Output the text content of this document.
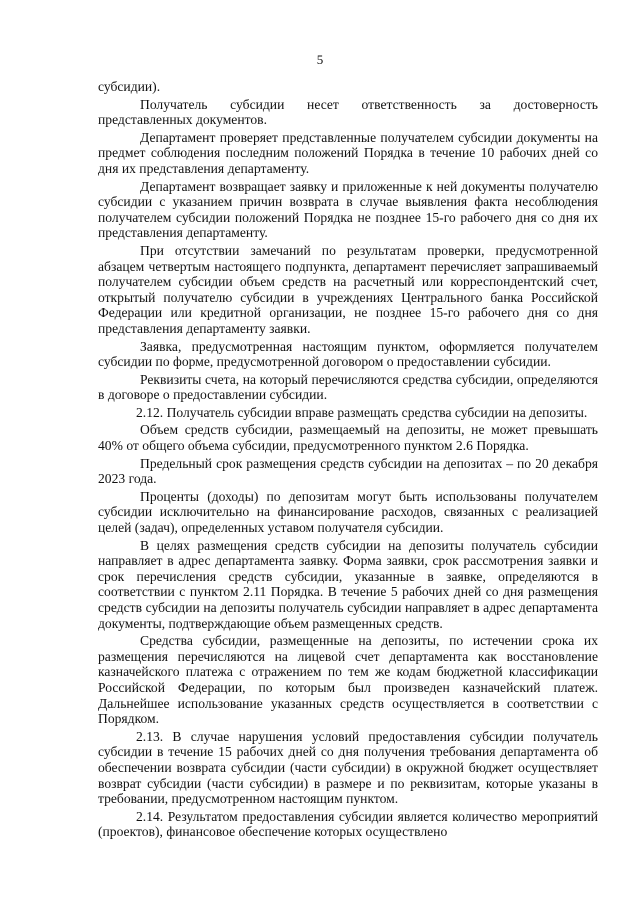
5

субсидии).

Получатель субсидии несет ответственность за достоверность представленных документов.

Департамент проверяет представленные получателем субсидии документы на предмет соблюдения последним положений Порядка в течение 10 рабочих дней со дня их представления департаменту.

Департамент возвращает заявку и приложенные к ней документы получателю субсидии с указанием причин возврата в случае выявления факта несоблюдения получателем субсидии положений Порядка не позднее 15-го рабочего дня со дня их представления департаменту.

При отсутствии замечаний по результатам проверки, предусмотренной абзацем четвертым настоящего подпункта, департамент перечисляет запрашиваемый получателем субсидии объем средств на расчетный или корреспондентский счет, открытый получателю субсидии в учреждениях Центрального банка Российской Федерации или кредитной организации, не позднее 15-го рабочего дня со дня представления департаменту заявки.

Заявка, предусмотренная настоящим пунктом, оформляется получателем субсидии по форме, предусмотренной договором о предоставлении субсидии.

Реквизиты счета, на который перечисляются средства субсидии, определяются в договоре о предоставлении субсидии.

2.12. Получатель субсидии вправе размещать средства субсидии на депозиты.

Объем средств субсидии, размещаемый на депозиты, не может превышать 40% от общего объема субсидии, предусмотренного пунктом 2.6 Порядка.

Предельный срок размещения средств субсидии на депозитах – по 20 декабря 2023 года.

Проценты (доходы) по депозитам могут быть использованы получателем субсидии исключительно на финансирование расходов, связанных с реализацией целей (задач), определенных уставом получателя субсидии.

В целях размещения средств субсидии на депозиты получатель субсидии направляет в адрес департамента заявку. Форма заявки, срок рассмотрения заявки и срок перечисления средств субсидии, указанные в заявке, определяются в соответствии с пунктом 2.11 Порядка. В течение 5 рабочих дней со дня размещения средств субсидии на депозиты получатель субсидии направляет в адрес департамента документы, подтверждающие объем размещенных средств.

Средства субсидии, размещенные на депозиты, по истечении срока их размещения перечисляются на лицевой счет департамента как восстановление казначейского платежа с отражением по тем же кодам бюджетной классификации Российской Федерации, по которым был произведен казначейский платеж. Дальнейшее использование указанных средств осуществляется в соответствии с Порядком.

2.13. В случае нарушения условий предоставления субсидии получатель субсидии в течение 15 рабочих дней со дня получения требования департамента об обеспечении возврата субсидии (части субсидии) в окружной бюджет осуществляет возврат субсидии (части субсидии) в размере и по реквизитам, которые указаны в требовании, предусмотренном настоящим пунктом.

2.14. Результатом предоставления субсидии является количество мероприятий (проектов), финансовое обеспечение которых осуществлено
